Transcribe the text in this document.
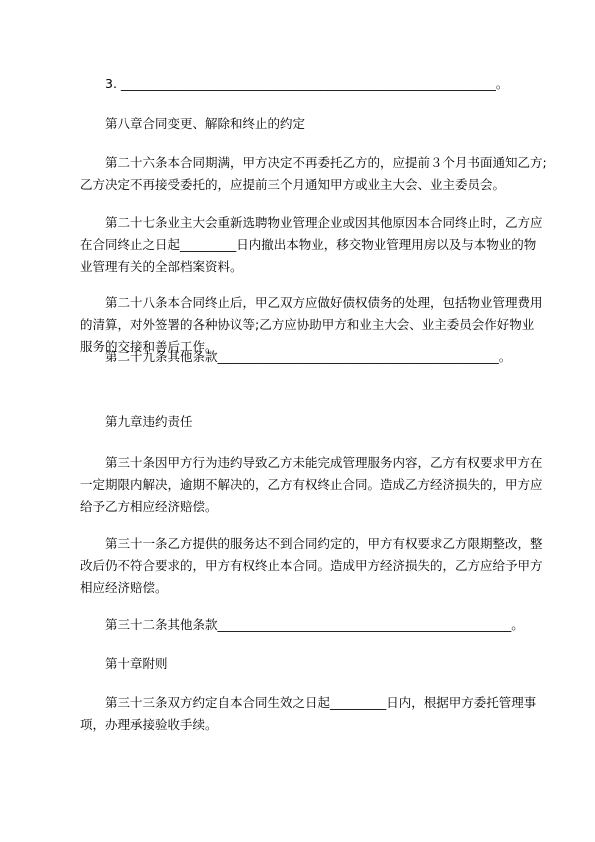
3. ____________________________________________________________。
第八章合同变更、解除和终止的约定
第二十六条本合同期满，甲方决定不再委托乙方的，应提前３个月书面通知乙方;
乙方决定不再接受委托的，应提前三个月通知甲方或业主大会、业主委员会。
第二十七条业主大会重新选聘物业管理企业或因其他原因本合同终止时，乙方应
在合同终止之日起_________日内撤出本物业，移交物业管理用房以及与本物业的物
业管理有关的全部档案资料。
第二十八条本合同终止后，甲乙双方应做好债权债务的处理，包括物业管理费用
的清算，对外签署的各种协议等;乙方应协助甲方和业主大会、业主委员会作好物业
服务的交接和善后工作。
第二十九条其他条款_____________________________________________。
第九章违约责任
第三十条因甲方行为违约导致乙方未能完成管理服务内容，乙方有权要求甲方在
一定期限内解决，逾期不解决的，乙方有权终止合同。造成乙方经济损失的，甲方应
给予乙方相应经济赔偿。
第三十一条乙方提供的服务达不到合同约定的，甲方有权要求乙方限期整改，整
改后仍不符合要求的，甲方有权终止本合同。造成甲方经济损失的，乙方应给予甲方
相应经济赔偿。
第三十二条其他条款_______________________________________________。
第十章附则
第三十三条双方约定自本合同生效之日起_________日内，根据甲方委托管理事
项，办理承接验收手续。
